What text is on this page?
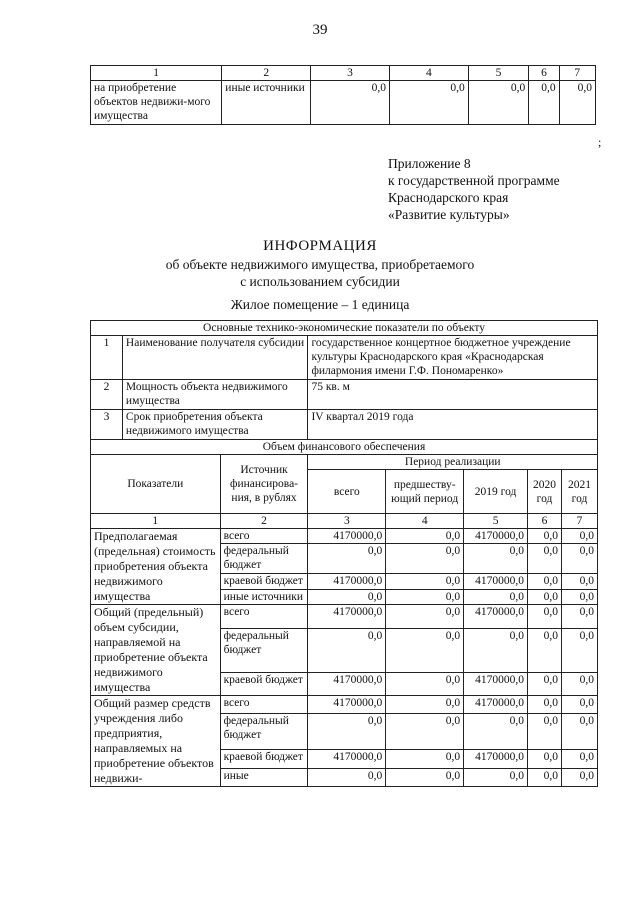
39
1	2	3	4	5	6	7
на приобретение объектов недвижи-мого имущества	иные источники	0,0	0,0	0,0	0,0	0,0
;
Приложение 8
к государственной программе
Краснодарского края
«Развитие культуры»
ИНФОРМАЦИЯ
об объекте недвижимого имущества, приобретаемого
с использованием субсидии
Жилое помещение – 1 единица
Основные технико-экономические показатели по объекту							
1	Наименование получателя субсидии		государственное концертное бюджетное учреждение культуры Краснодарского края «Краснодарская филармония имени Г.Ф. Пономаренко»				
2	Мощность объекта недвижимого имущества		75 кв. м				
3	Срок приобретения объекта недвижимого имущества		IV квартал 2019 года				
Объем финансового обеспечения							
Показатели		Источник финансирова-ния, в рублях	Период реализации				
			всего	предшеству-ющий период	2019 год	2020 год	2021 год
1		2	3	4	5	6	7
Предполагаемая (предельная) стоимость приобретения объекта недвижимого имущества		всего	4170000,0	0,0	4170000,0	0,0	0,0
		федеральный бюджет	0,0	0,0	0,0	0,0	0,0
		краевой бюджет	4170000,0	0,0	4170000,0	0,0	0,0
		иные источники	0,0	0,0	0,0	0,0	0,0
Общий (предельный) объем субсидии, направляемой на приобретение объекта недвижимого имущества		всего	4170000,0	0,0	4170000,0	0,0	0,0
		федеральный бюджет	0,0	0,0	0,0	0,0	0,0
		краевой бюджет	4170000,0	0,0	4170000,0	0,0	0,0
Общий размер средств учреждения либо предприятия, направляемых на приобретение объектов недвижи-		всего	4170000,0	0,0	4170000,0	0,0	0,0
		федеральный бюджет	0,0	0,0	0,0	0,0	0,0
		краевой бюджет	4170000,0	0,0	4170000,0	0,0	0,0
		иные	0,0	0,0	0,0	0,0	0,0
